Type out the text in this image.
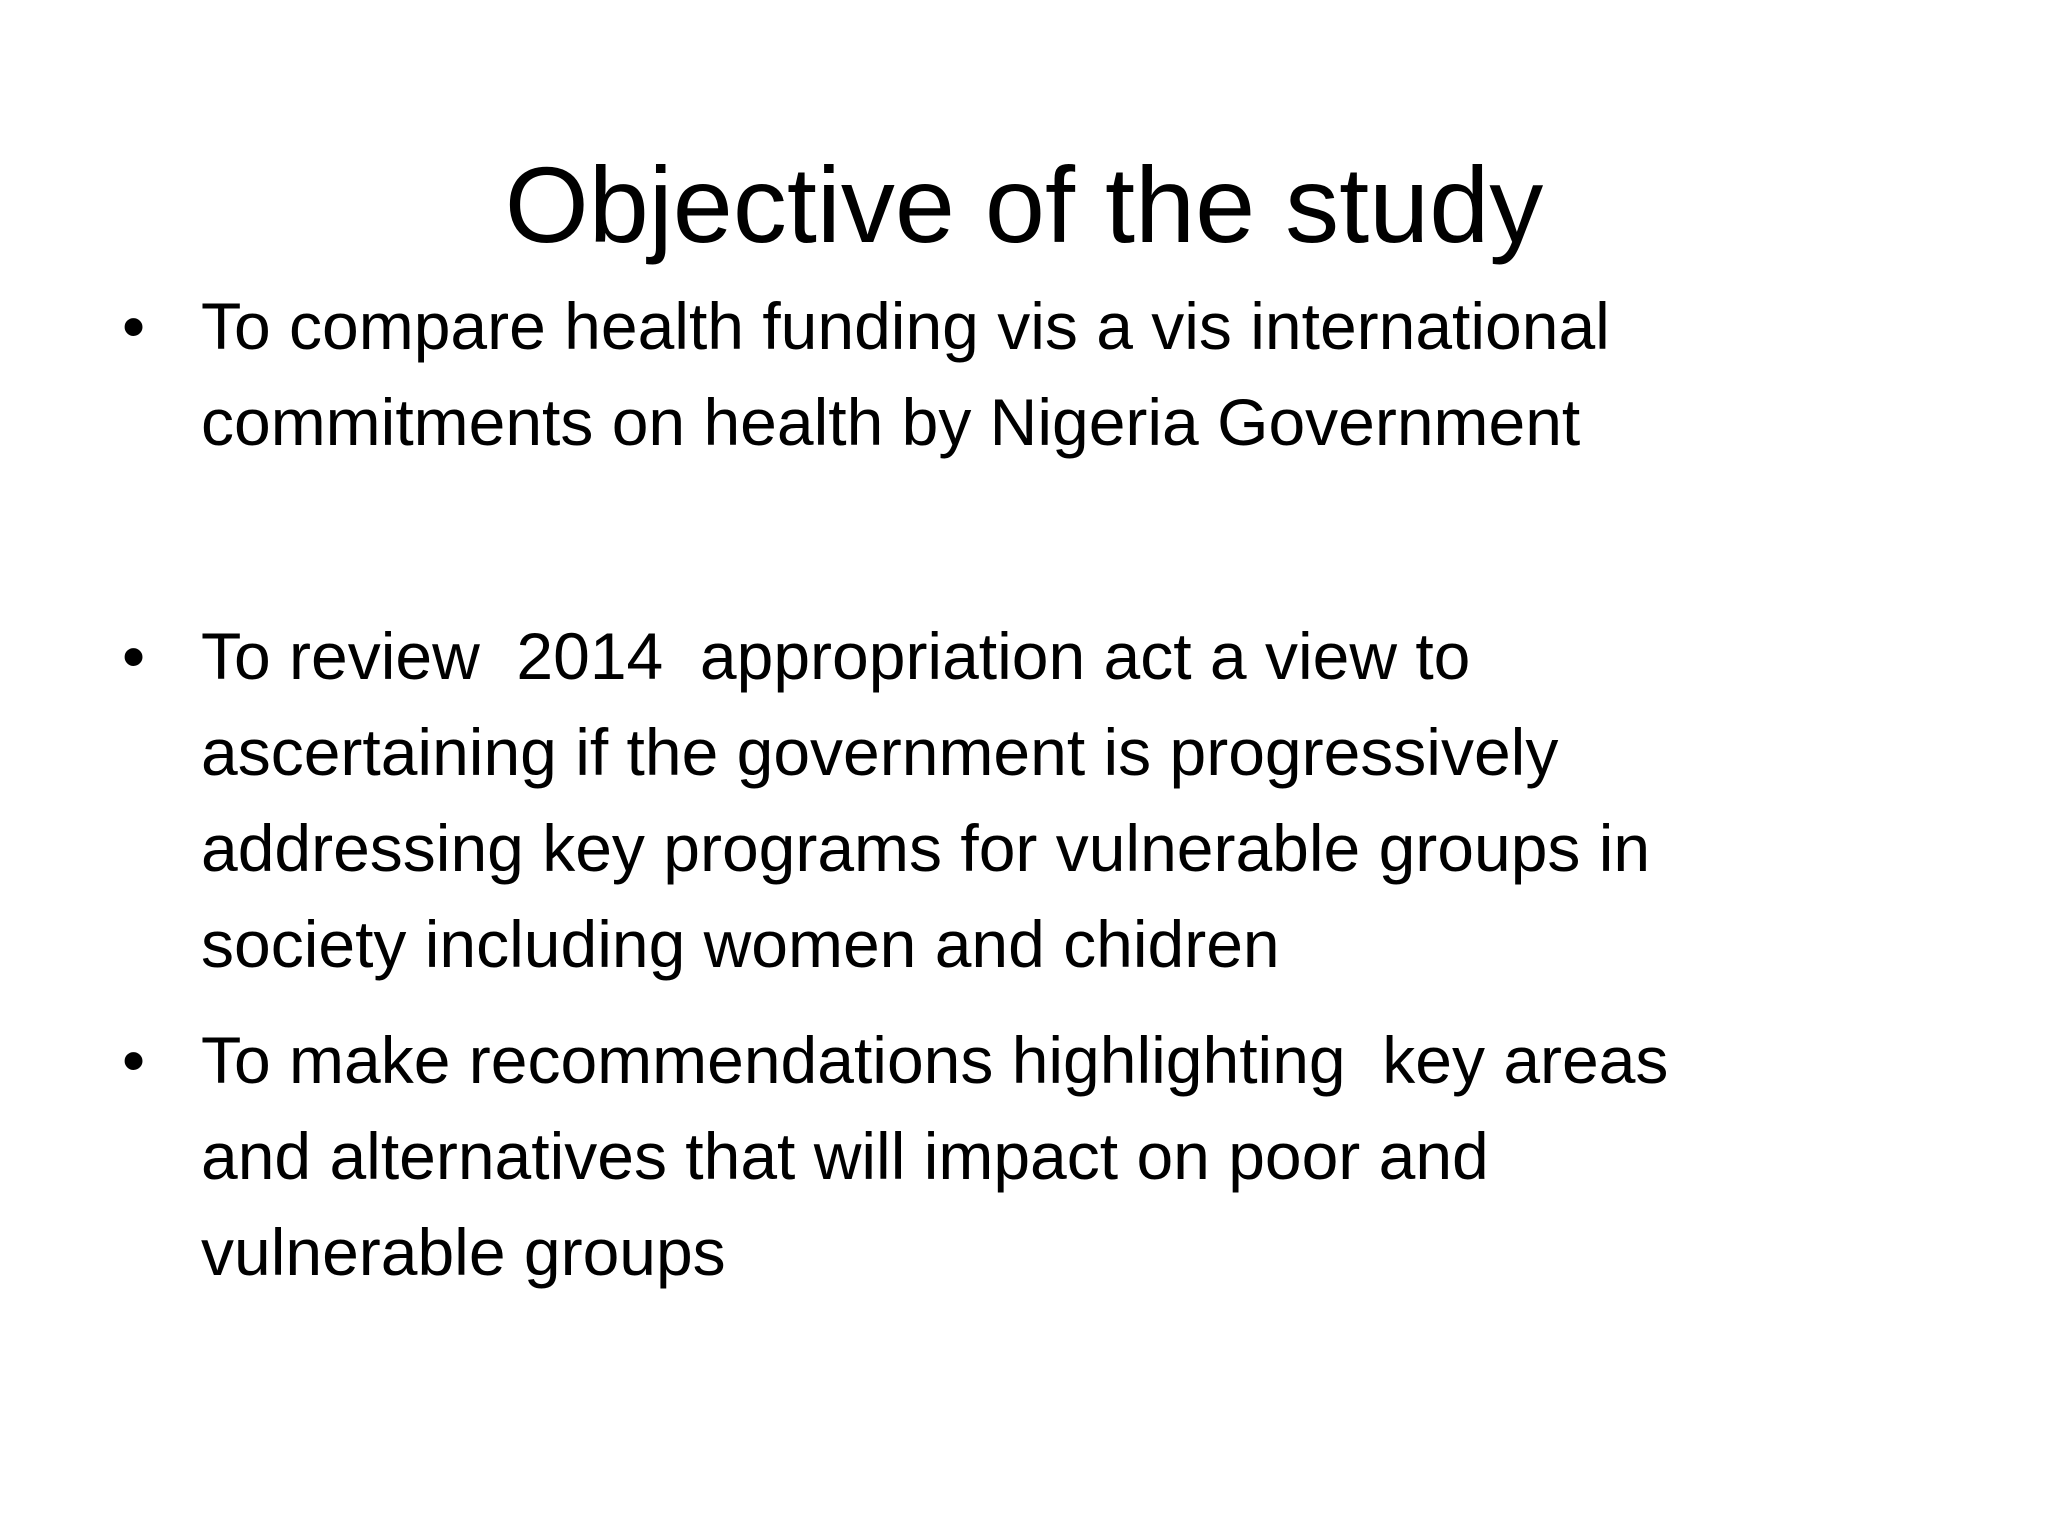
Objective of the study
• To compare health funding vis a vis international
commitments on health by Nigeria Government
• To review  2014  appropriation act a view to
ascertaining if the government is progressively
addressing key programs for vulnerable groups in
society including women and chidren
• To make recommendations highlighting  key areas
and alternatives that will impact on poor and
vulnerable groups
